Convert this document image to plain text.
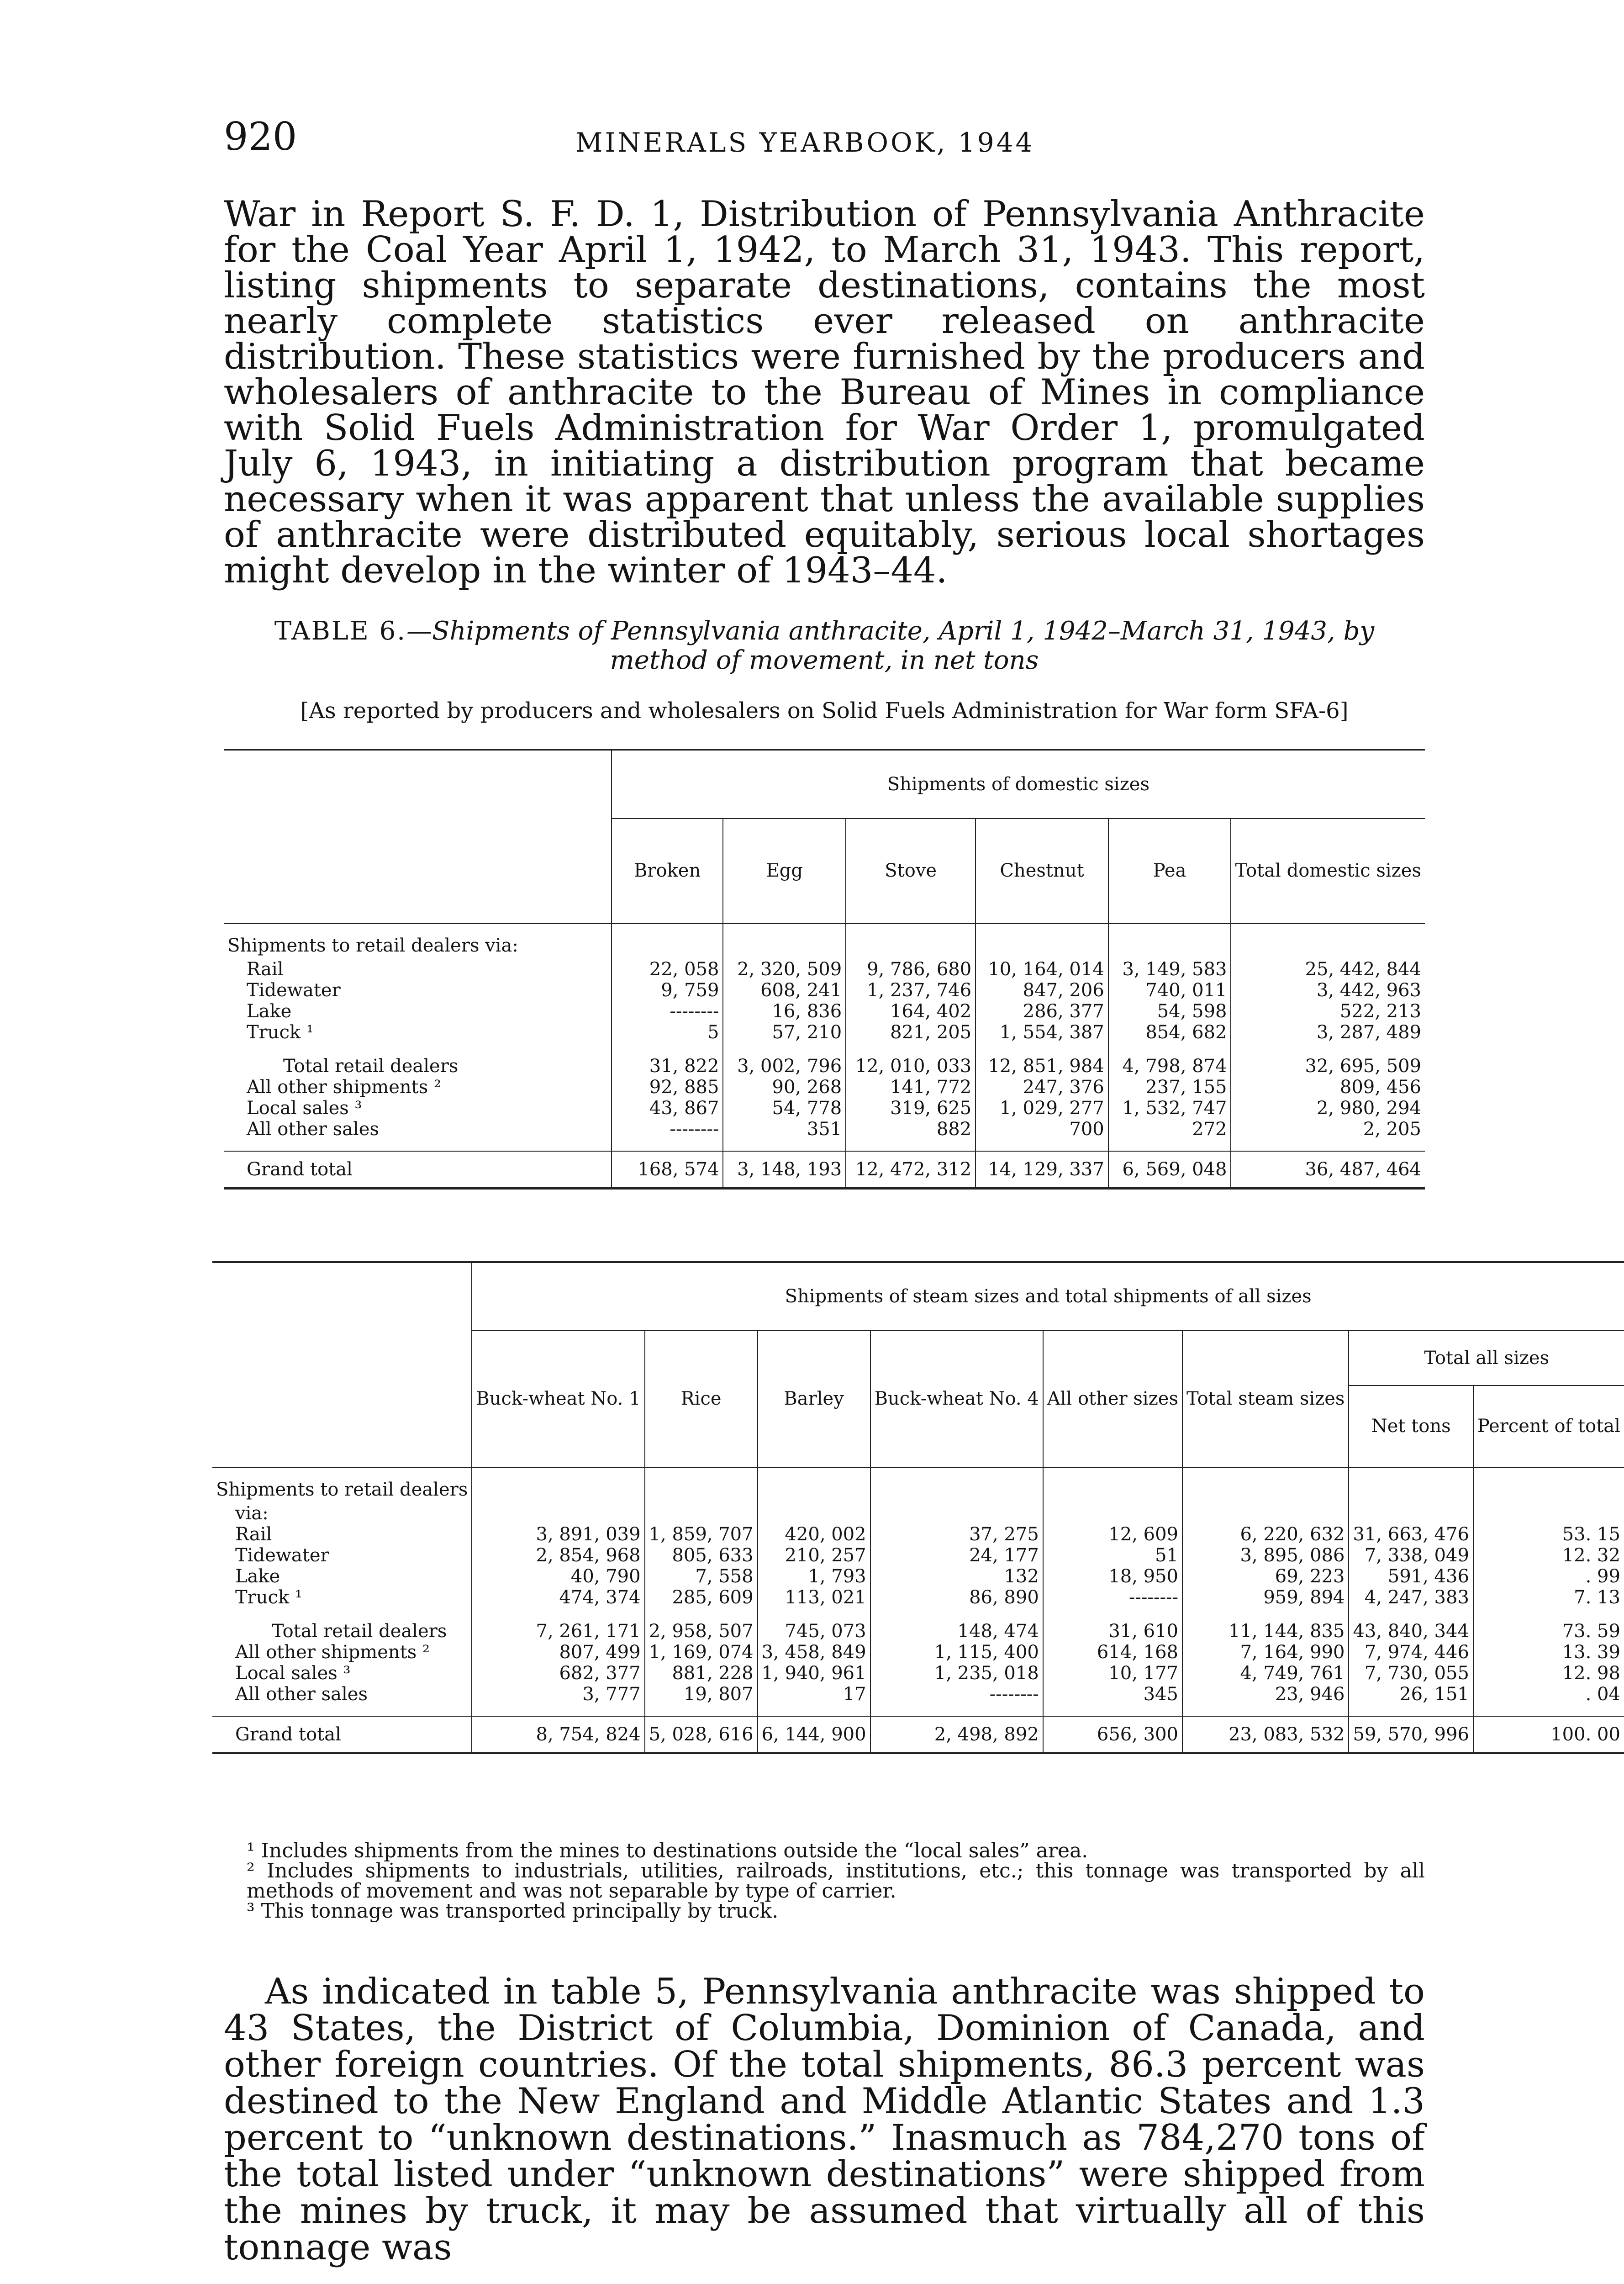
920	MINERALS YEARBOOK, 1944

War in Report S. F. D. 1, Distribution of Pennsylvania Anthracite for the Coal Year April 1, 1942, to March 31, 1943. This report, listing shipments to separate destinations, contains the most nearly complete statistics ever released on anthracite distribution. These statistics were furnished by the producers and wholesalers of anthracite to the Bureau of Mines in compliance with Solid Fuels Administration for War Order 1, promulgated July 6, 1943, in initiating a distribution program that became necessary when it was apparent that unless the available supplies of anthracite were distributed equitably, serious local shortages might develop in the winter of 1943–44.

TABLE 6.—Shipments of Pennsylvania anthracite, April 1, 1942–March 31, 1943, by method of movement, in net tons
[As reported by producers and wholesalers on Solid Fuels Administration for War form SFA-6]
	Shipments of domestic sizes					
	Broken	Egg	Stove	Chestnut	Pea	Total domestic sizes
Shipments to retail dealers via:						
Rail	22, 058	2, 320, 509	9, 786, 680	10, 164, 014	3, 149, 583	25, 442, 844
Tidewater	9, 759	608, 241	1, 237, 746	847, 206	740, 011	3, 442, 963
Lake	--------	16, 836	164, 402	286, 377	54, 598	522, 213
Truck ¹	5	57, 210	821, 205	1, 554, 387	854, 682	3, 287, 489

Total retail dealers	31, 822	3, 002, 796	12, 010, 033	12, 851, 984	4, 798, 874	32, 695, 509
All other shipments ²	92, 885	90, 268	141, 772	247, 376	237, 155	809, 456
Local sales ³	43, 867	54, 778	319, 625	1, 029, 277	1, 532, 747	2, 980, 294
All other sales	--------	351	882	700	272	2, 205

Grand total	168, 574	3, 148, 193	12, 472, 312	14, 129, 337	6, 569, 048	36, 487, 464
	Shipments of steam sizes and total shipments of all sizes							
	Buck-wheat No. 1	Rice	Barley	Buck-wheat No. 4	All other sizes	Total steam sizes	Total all sizes	
							Net tons	Percent of total
Shipments to retail dealers								
via:								
Rail	3, 891, 039	1, 859, 707	420, 002	37, 275	12, 609	6, 220, 632	31, 663, 476	53. 15
Tidewater	2, 854, 968	805, 633	210, 257	24, 177	51	3, 895, 086	7, 338, 049	12. 32
Lake	40, 790	7, 558	1, 793	132	18, 950	69, 223	591, 436	. 99
Truck ¹	474, 374	285, 609	113, 021	86, 890	--------	959, 894	4, 247, 383	7. 13

Total retail dealers	7, 261, 171	2, 958, 507	745, 073	148, 474	31, 610	11, 144, 835	43, 840, 344	73. 59
All other shipments ²	807, 499	1, 169, 074	3, 458, 849	1, 115, 400	614, 168	7, 164, 990	7, 974, 446	13. 39
Local sales ³	682, 377	881, 228	1, 940, 961	1, 235, 018	10, 177	4, 749, 761	7, 730, 055	12. 98
All other sales	3, 777	19, 807	17	--------	345	23, 946	26, 151	. 04

Grand total	8, 754, 824	5, 028, 616	6, 144, 900	2, 498, 892	656, 300	23, 083, 532	59, 570, 996	100. 00

¹ Includes shipments from the mines to destinations outside the “local sales” area.

² Includes shipments to industrials, utilities, railroads, institutions, etc.; this tonnage was transported by all methods of movement and was not separable by type of carrier.

³ This tonnage was transported principally by truck.

As indicated in table 5, Pennsylvania anthracite was shipped to 43 States, the District of Columbia, Dominion of Canada, and other foreign countries. Of the total shipments, 86.3 percent was destined to the New England and Middle Atlantic States and 1.3 percent to “unknown destinations.” Inasmuch as 784,270 tons of the total listed under “unknown destinations” were shipped from the mines by truck, it may be assumed that virtually all of this tonnage was
